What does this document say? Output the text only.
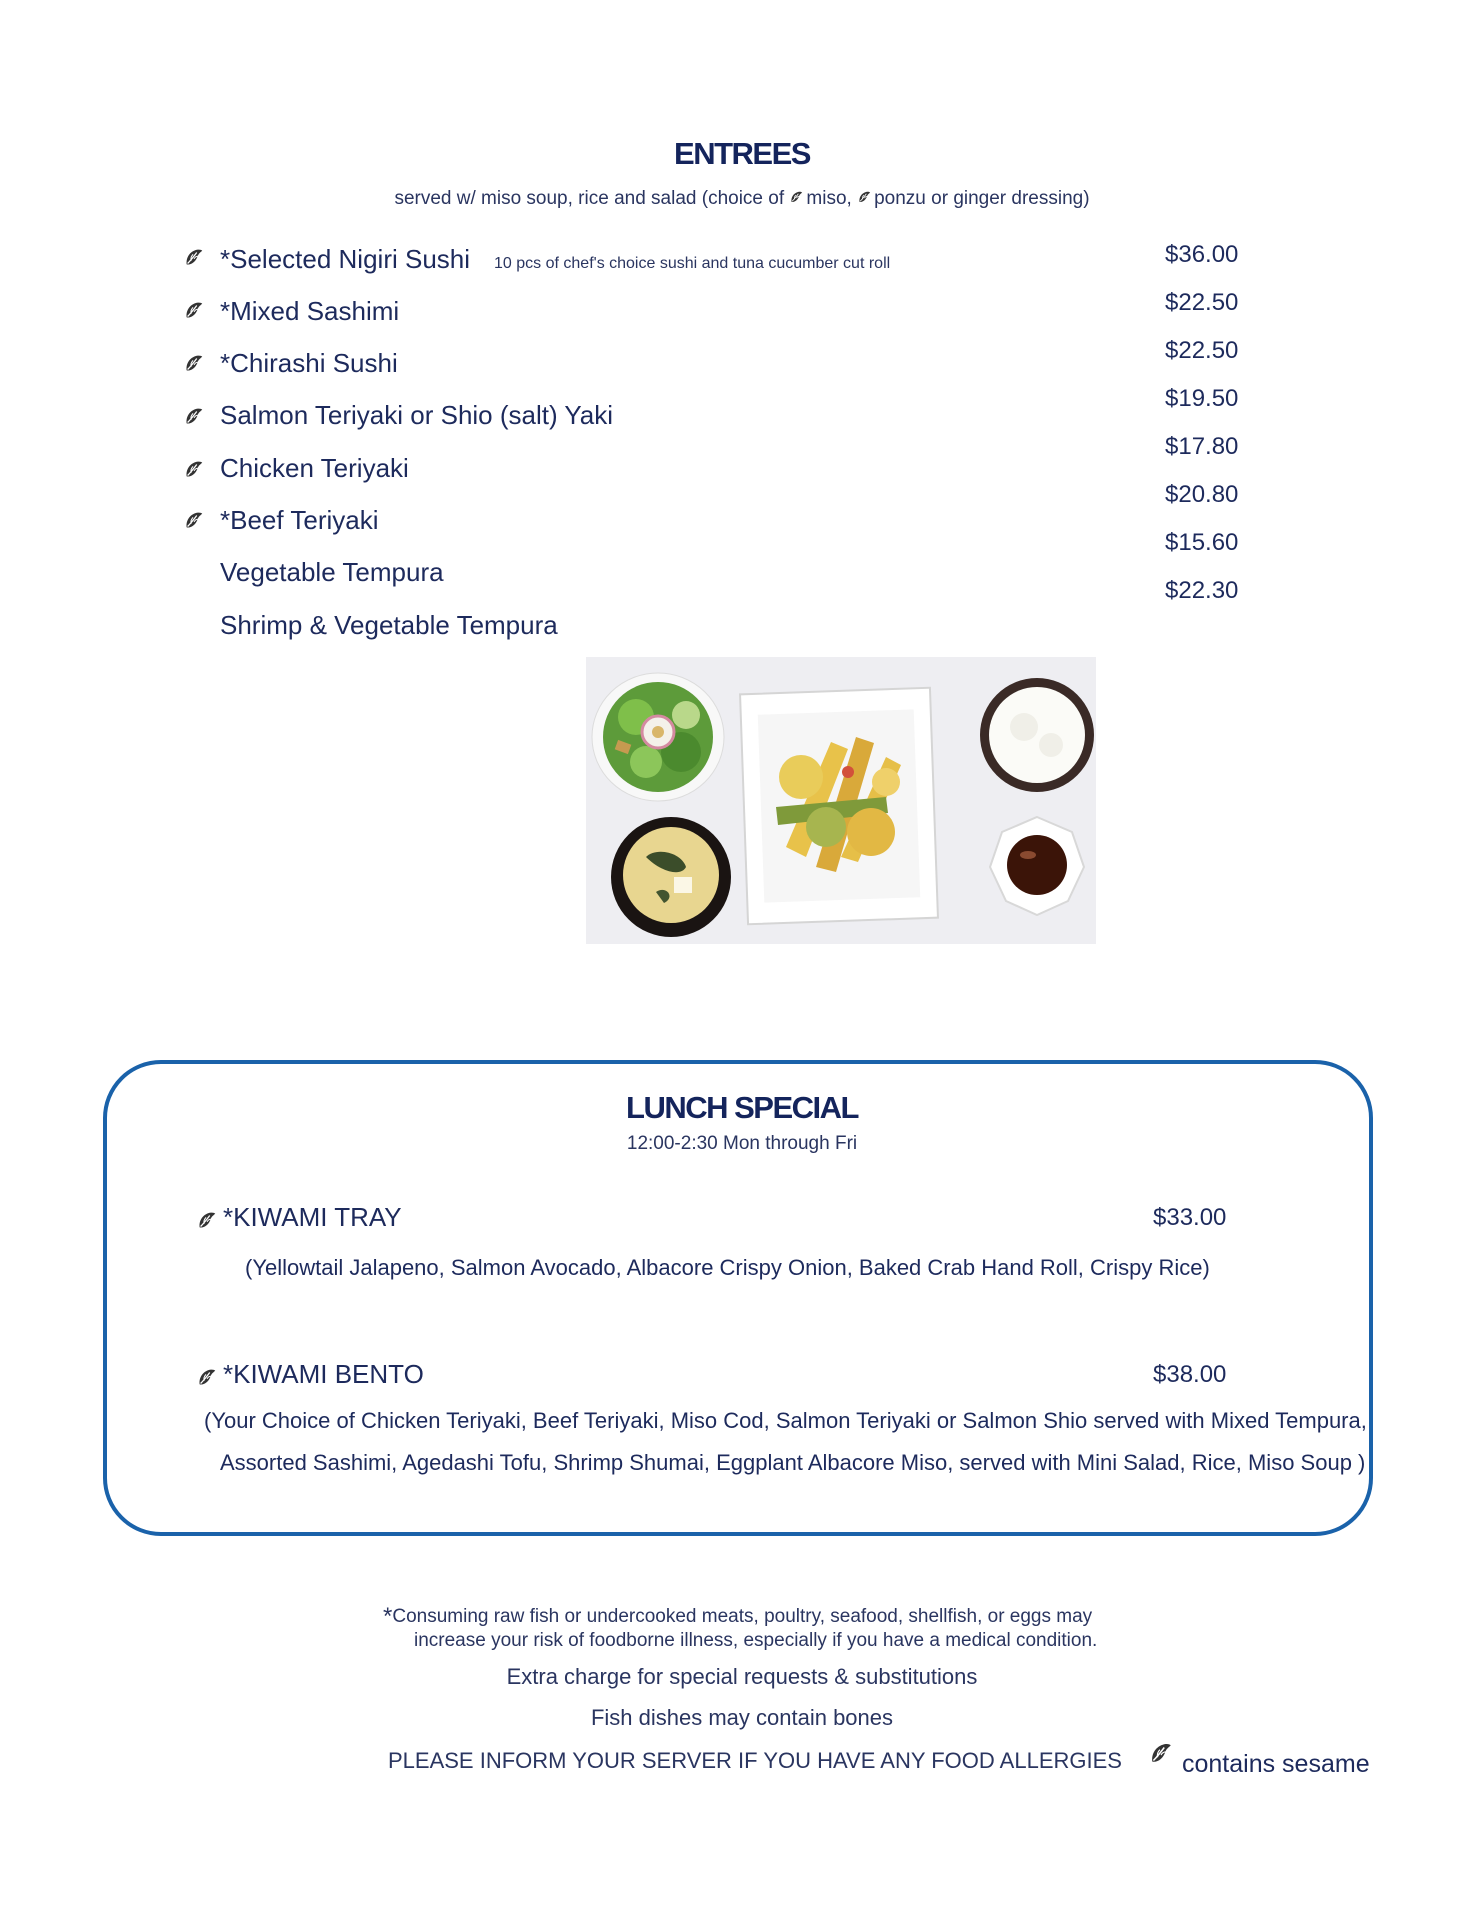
ENTREES
served w/ miso soup, rice and salad (choice of miso, ponzu or ginger dressing)
*Selected Nigiri Sushi 10 pcs of chef's choice sushi and tuna cucumber cut roll
*Mixed Sashimi
*Chirashi Sushi
Salmon Teriyaki or Shio (salt) Yaki
Chicken Teriyaki
*Beef Teriyaki
Vegetable Tempura
Shrimp & Vegetable Tempura
$36.00
$22.50
$22.50
$19.50
$17.80
$20.80
$15.60
$22.30
LUNCH SPECIAL
12:00-2:30 Mon through Fri
*KIWAMI TRAY	$33.00
(Yellowtail Jalapeno, Salmon Avocado, Albacore Crispy Onion, Baked Crab Hand Roll, Crispy Rice)
*KIWAMI BENTO	$38.00
(Your Choice of Chicken Teriyaki, Beef Teriyaki, Miso Cod, Salmon Teriyaki or Salmon Shio served with Mixed Tempura,
Assorted Sashimi, Agedashi Tofu, Shrimp Shumai, Eggplant Albacore Miso, served with Mini Salad, Rice, Miso Soup )
*Consuming raw fish or undercooked meats, poultry, seafood, shellfish, or eggs may
increase your risk of foodborne illness, especially if you have a medical condition.
Extra charge for special requests & substitutions
Fish dishes may contain bones
PLEASE INFORM YOUR SERVER IF YOU HAVE ANY FOOD ALLERGIES contains sesame
